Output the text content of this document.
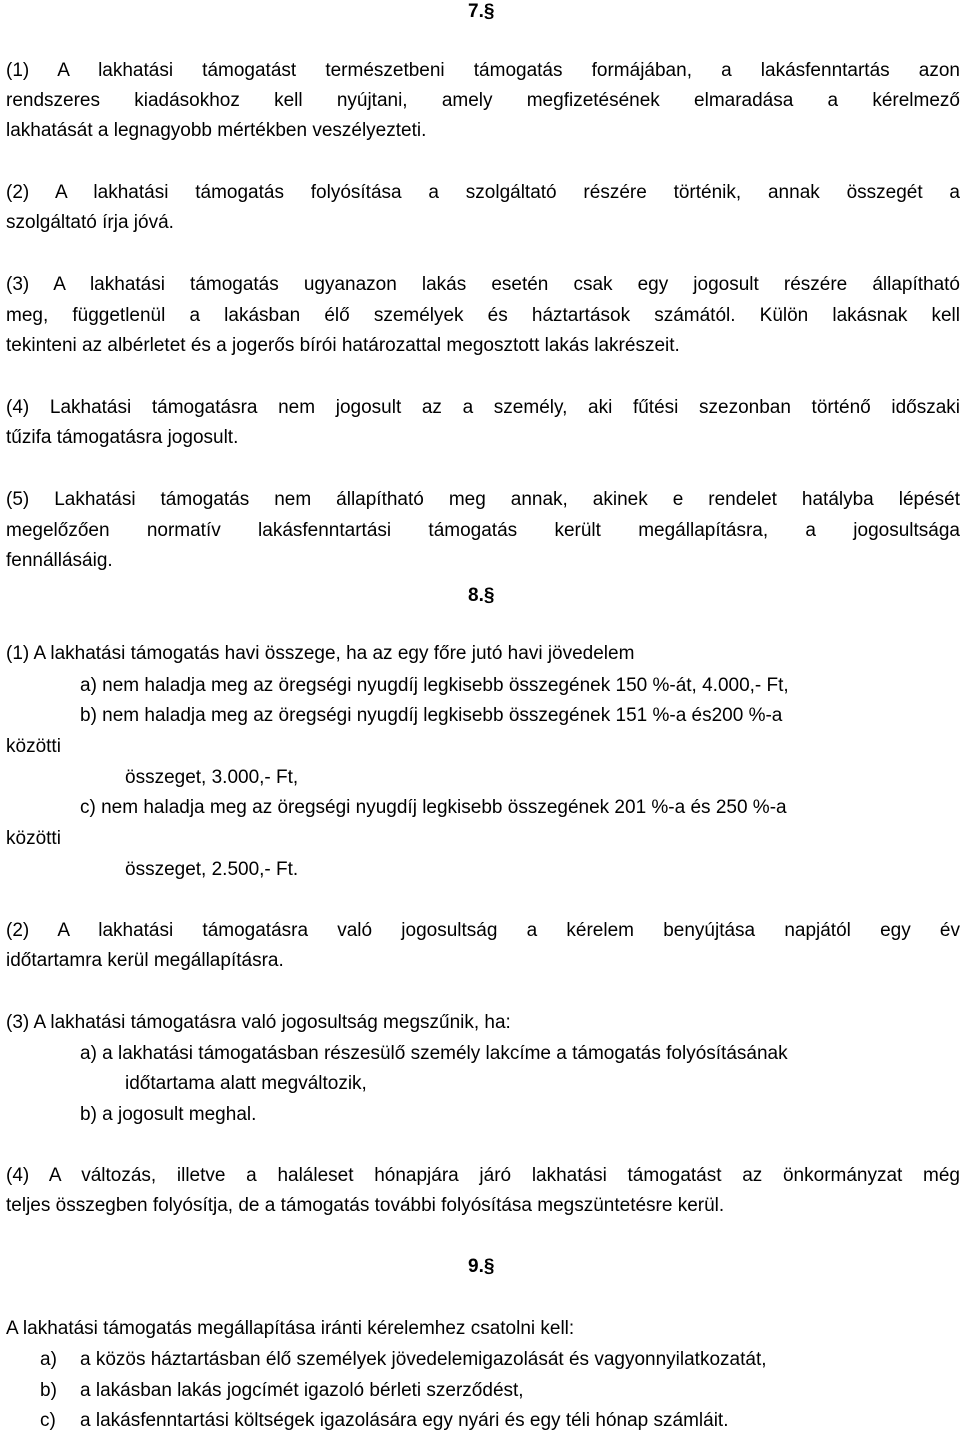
7.§
(1) A lakhatási támogatást természetbeni támogatás formájában, a lakásfenntartás azon
rendszeres kiadásokhoz kell nyújtani, amely megfizetésének elmaradása a kérelmező
lakhatását a legnagyobb mértékben veszélyezteti.
(2) A lakhatási támogatás folyósítása a szolgáltató részére történik, annak összegét a
szolgáltató írja jóvá.
(3) A lakhatási támogatás ugyanazon lakás esetén csak egy jogosult részére állapítható
meg, függetlenül a lakásban élő személyek és háztartások számától. Külön lakásnak kell
tekinteni az albérletet és a jogerős bírói határozattal megosztott lakás lakrészeit.
(4) Lakhatási támogatásra nem jogosult az a személy, aki fűtési szezonban történő időszaki
tűzifa támogatásra jogosult.
(5) Lakhatási támogatás nem állapítható meg annak, akinek e rendelet hatályba lépését
megelőzően normatív lakásfenntartási támogatás került megállapításra, a jogosultsága
fennállásáig.
8.§
(1) A lakhatási támogatás havi összege, ha az egy főre jutó havi jövedelem
a) nem haladja meg az öregségi nyugdíj legkisebb összegének 150 %-át, 4.000,- Ft,
b) nem haladja meg az öregségi nyugdíj legkisebb összegének 151 %-a és200 %-a
közötti
összeget, 3.000,- Ft,
c) nem haladja meg az öregségi nyugdíj legkisebb összegének 201 %-a és 250 %-a
közötti
összeget, 2.500,- Ft.
(2) A lakhatási támogatásra való jogosultság a kérelem benyújtása napjától egy év
időtartamra kerül megállapításra.
(3) A lakhatási támogatásra való jogosultság megszűnik, ha:
a) a lakhatási támogatásban részesülő személy lakcíme a támogatás folyósításának
időtartama alatt megváltozik,
b) a jogosult meghal.
(4) A változás, illetve a haláleset hónapjára járó lakhatási támogatást az önkormányzat még
teljes összegben folyósítja, de a támogatás további folyósítása megszüntetésre kerül.
9.§
A lakhatási támogatás megállapítása iránti kérelemhez csatolni kell:
a) a közös háztartásban élő személyek jövedelemigazolását és vagyonnyilatkozatát,
b) a lakásban lakás jogcímét igazoló bérleti szerződést,
c) a lakásfenntartási költségek igazolására egy nyári és egy téli hónap számláit.
